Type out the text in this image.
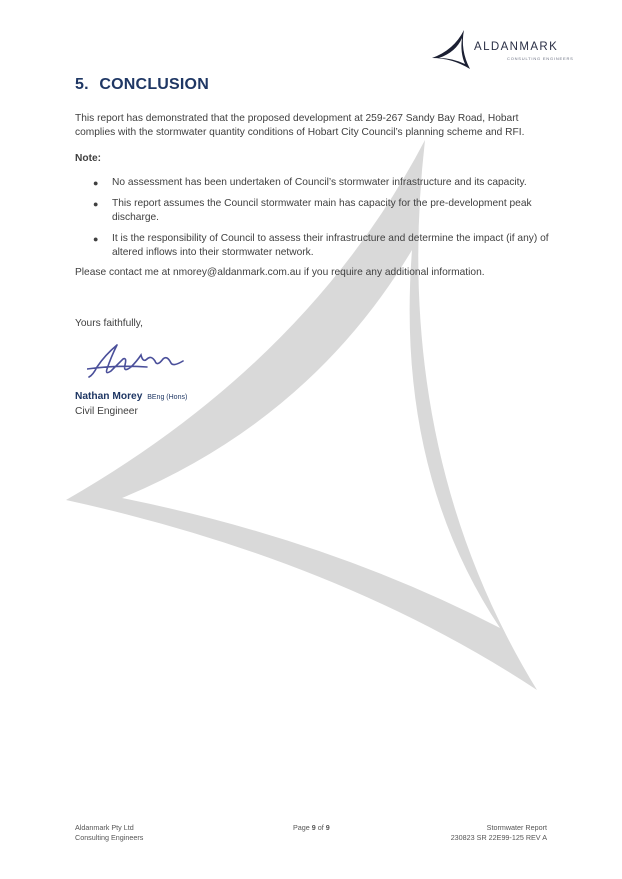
ALDANMARK
CONSULTING ENGINEERS
5. CONCLUSION

This report has demonstrated that the proposed development at 259-267 Sandy Bay Road, Hobart complies with the stormwater quantity conditions of Hobart City Council’s planning scheme and RFI.

Note:

● No assessment has been undertaken of Council’s stormwater infrastructure and its capacity.
● This report assumes the Council stormwater main has capacity for the pre-development peak discharge.
● It is the responsibility of Council to assess their infrastructure and determine the impact (if any) of altered inflows into their stormwater network.

Please contact me at nmorey@aldanmark.com.au if you require any additional information.

Yours faithfully,

Nathan Morey BEng (Hons)

Civil Engineer

Aldanmark Pty Ltd
Consulting Engineers
Page 9 of 9	Stormwater Report
230823 SR 22E99-125 REV A
